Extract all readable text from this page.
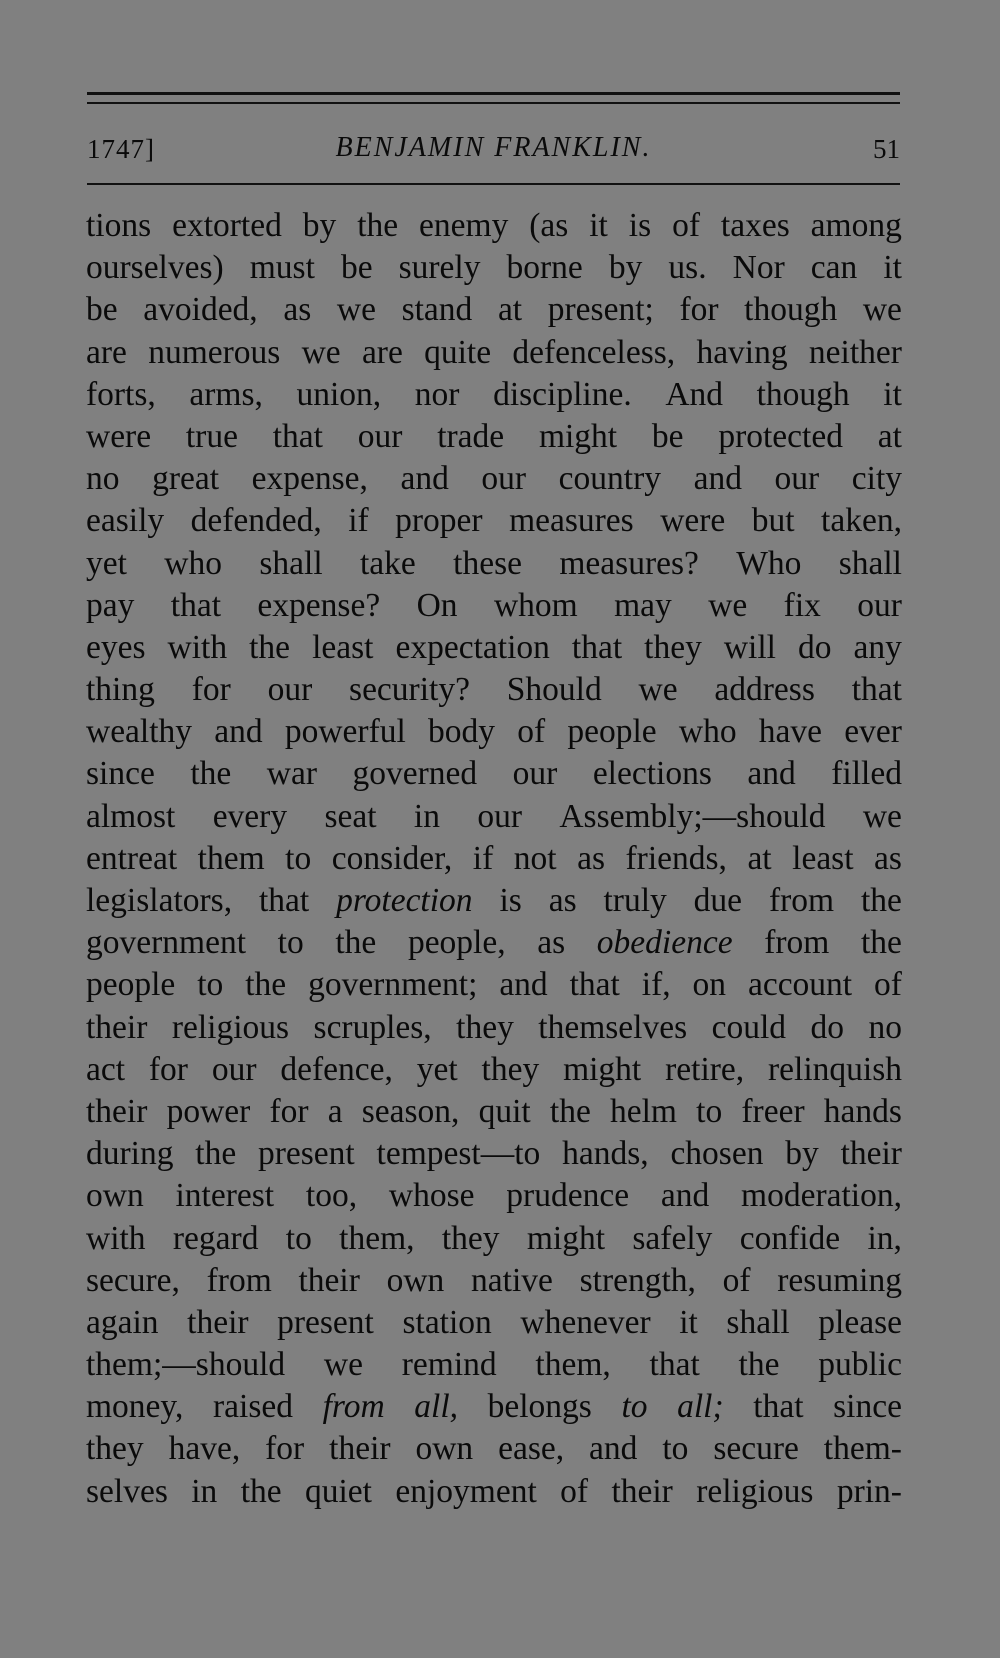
1747]	BENJAMIN FRANKLIN.	51
tions extorted by the enemy (as it is of taxes among
ourselves) must be surely borne by us. Nor can it
be avoided, as we stand at present; for though we
are numerous we are quite defenceless, having neither
forts, arms, union, nor discipline. And though it
were true that our trade might be protected at
no great expense, and our country and our city
easily defended, if proper measures were but taken,
yet who shall take these measures? Who shall
pay that expense? On whom may we fix our
eyes with the least expectation that they will do any
thing for our security? Should we address that
wealthy and powerful body of people who have ever
since the war governed our elections and filled
almost every seat in our Assembly;—should we
entreat them to consider, if not as friends, at least as
legislators, that protection is as truly due from the
government to the people, as obedience from the
people to the government; and that if, on account of
their religious scruples, they themselves could do no
act for our defence, yet they might retire, relinquish
their power for a season, quit the helm to freer hands
during the present tempest—to hands, chosen by their
own interest too, whose prudence and moderation,
with regard to them, they might safely confide in,
secure, from their own native strength, of resuming
again their present station whenever it shall please
them;—should we remind them, that the public
money, raised from all, belongs to all; that since
they have, for their own ease, and to secure them-
selves in the quiet enjoyment of their religious prin-
